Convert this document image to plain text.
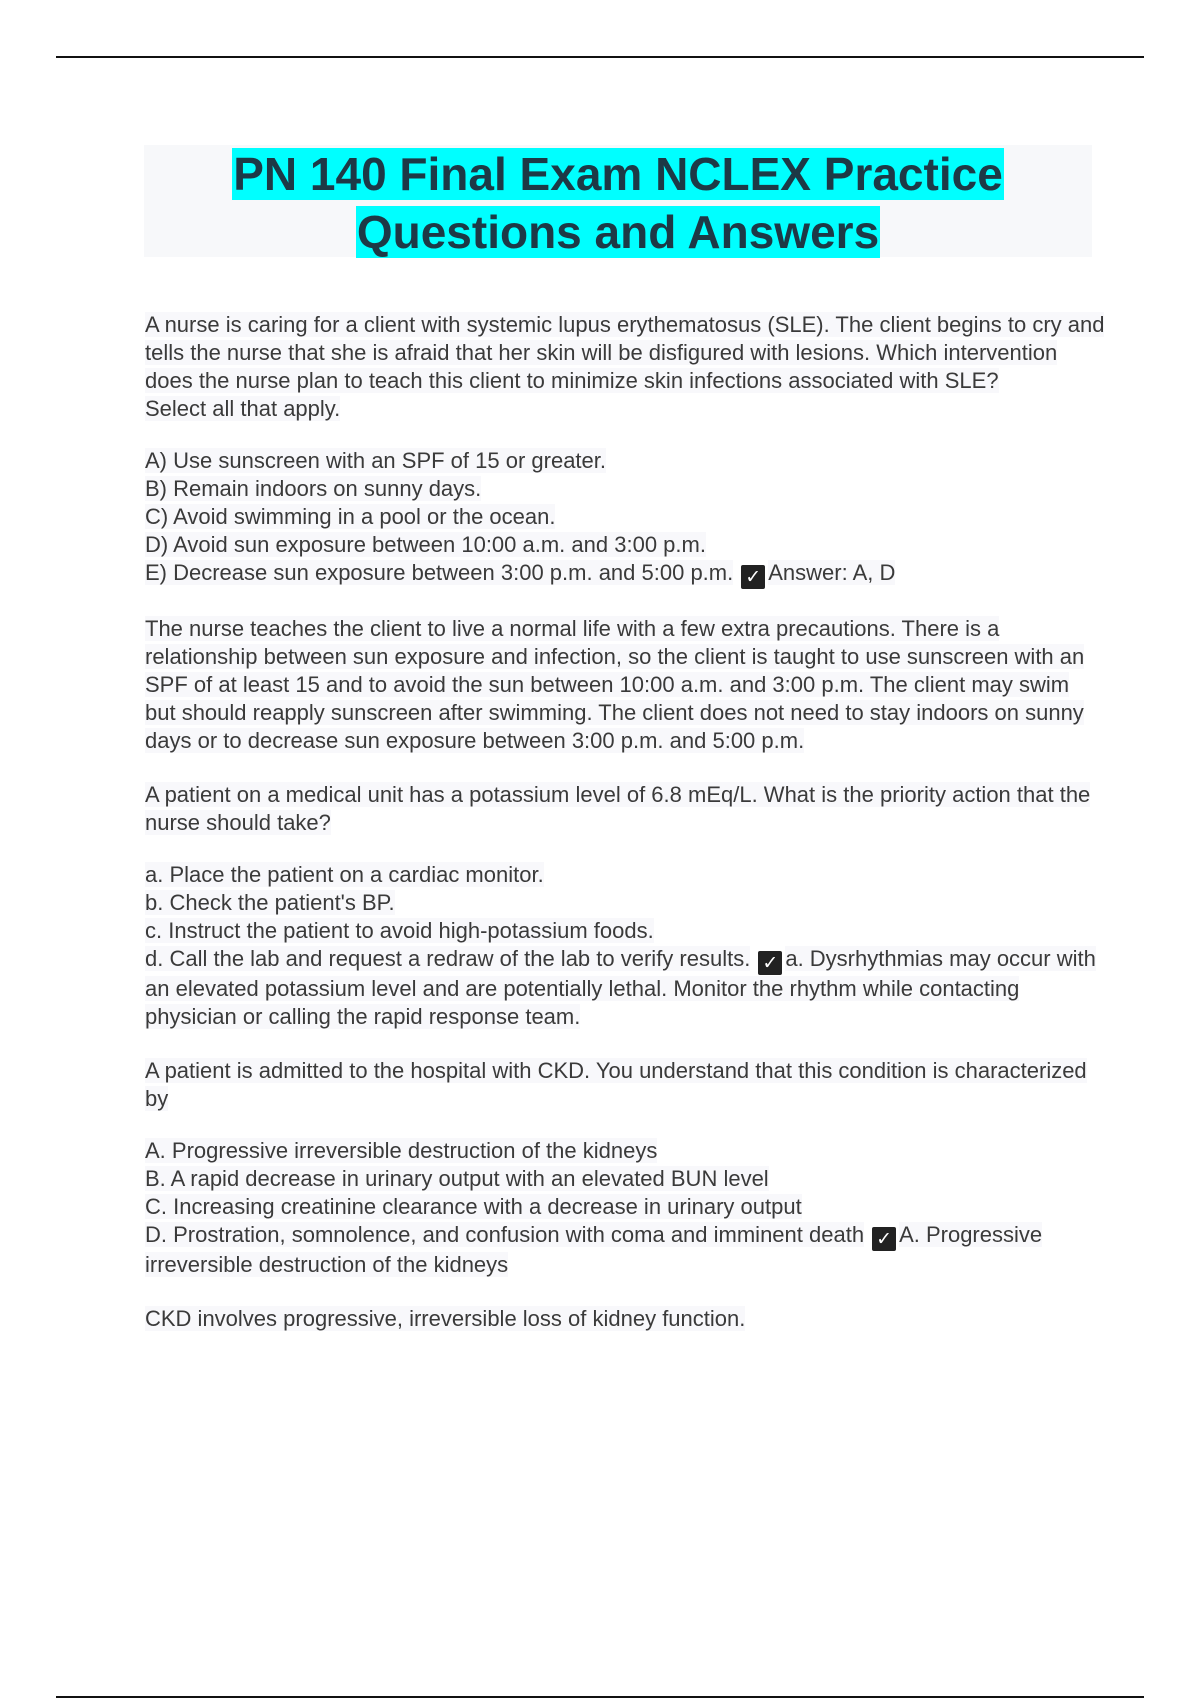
PN 140 Final Exam NCLEX Practice
Questions and Answers

A nurse is caring for a client with systemic lupus erythematosus (SLE). The client begins to cry and tells the nurse that she is afraid that her skin will be disfigured with lesions. Which intervention does the nurse plan to teach this client to minimize skin infections associated with SLE?
Select all that apply.

A) Use sunscreen with an SPF of 15 or greater.
B) Remain indoors on sunny days.
C) Avoid swimming in a pool or the ocean.
D) Avoid sun exposure between 10:00 a.m. and 3:00 p.m.
E) Decrease sun exposure between 3:00 p.m. and 5:00 p.m. ✓ Answer: A, D

The nurse teaches the client to live a normal life with a few extra precautions. There is a relationship between sun exposure and infection, so the client is taught to use sunscreen with an SPF of at least 15 and to avoid the sun between 10:00 a.m. and 3:00 p.m. The client may swim but should reapply sunscreen after swimming. The client does not need to stay indoors on sunny days or to decrease sun exposure between 3:00 p.m. and 5:00 p.m.

A patient on a medical unit has a potassium level of 6.8 mEq/L. What is the priority action that the nurse should take?

a. Place the patient on a cardiac monitor.
b. Check the patient's BP.
c. Instruct the patient to avoid high-potassium foods.
d. Call the lab and request a redraw of the lab to verify results. ✓ a. Dysrhythmias may occur with an elevated potassium level and are potentially lethal. Monitor the rhythm while contacting physician or calling the rapid response team.

A patient is admitted to the hospital with CKD. You understand that this condition is characterized by

A. Progressive irreversible destruction of the kidneys
B. A rapid decrease in urinary output with an elevated BUN level
C. Increasing creatinine clearance with a decrease in urinary output
D. Prostration, somnolence, and confusion with coma and imminent death ✓ A. Progressive irreversible destruction of the kidneys

CKD involves progressive, irreversible loss of kidney function.
